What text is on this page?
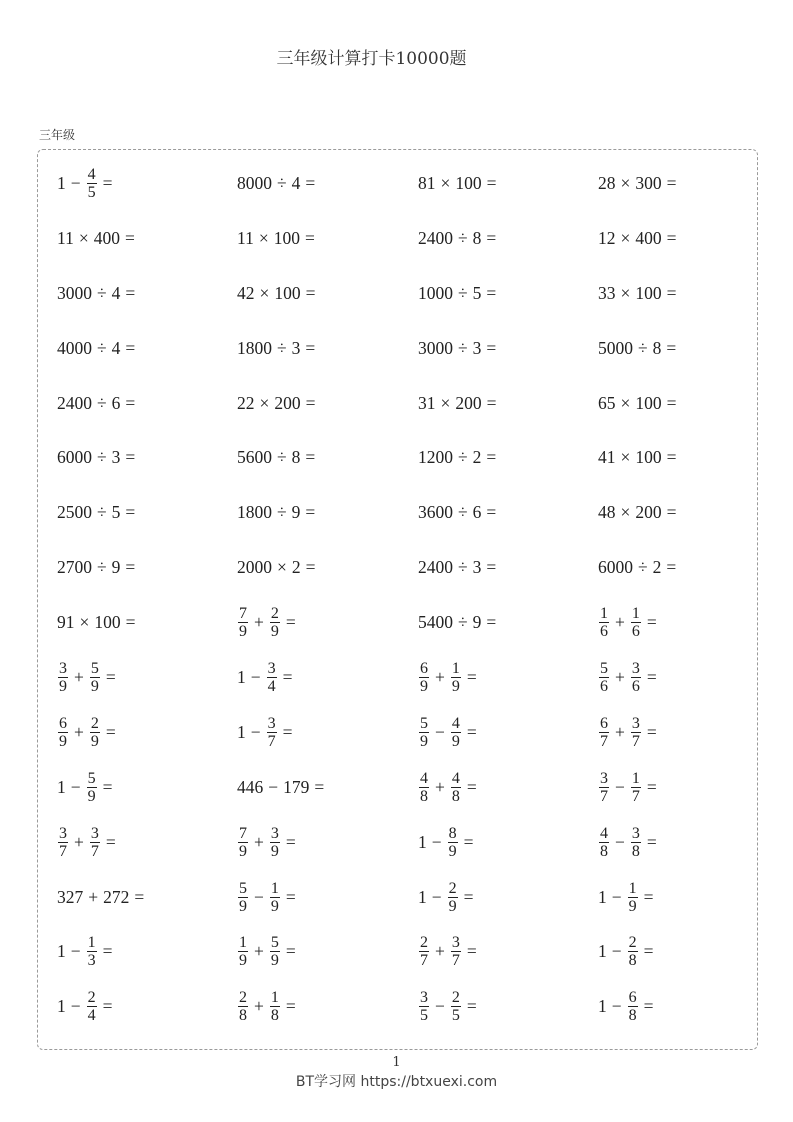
三年级计算打卡10000题
三年级
$1 - \frac{4}{5}$ =	8000 ÷ 4 =	81 × 100 =	28 × 300 =
11 × 400 =	11 × 100 =	2400 ÷ 8 =	12 × 400 =
3000 ÷ 4 =	42 × 100 =	1000 ÷ 5 =	33 × 100 =
4000 ÷ 4 =	1800 ÷ 3 =	3000 ÷ 3 =	5000 ÷ 8 =
2400 ÷ 6 =	22 × 200 =	31 × 200 =	65 × 100 =
6000 ÷ 3 =	5600 ÷ 8 =	1200 ÷ 2 =	41 × 100 =
2500 ÷ 5 =	1800 ÷ 9 =	3600 ÷ 6 =	48 × 200 =
2700 ÷ 9 =	2000 × 2 =	2400 ÷ 3 =	6000 ÷ 2 =
91 × 100 =	$\frac{7}{9} + \frac{2}{9}$ =	5400 ÷ 9 =	$\frac{1}{6} + \frac{1}{6}$ =
$\frac{3}{9} + \frac{5}{9}$ =	$1 - \frac{3}{4}$ =	$\frac{6}{9} + \frac{1}{9}$ =	$\frac{5}{6} + \frac{3}{6}$ =
$\frac{6}{9} + \frac{2}{9}$ =	$1 - \frac{3}{7}$ =	$\frac{5}{9} - \frac{4}{9}$ =	$\frac{6}{7} + \frac{3}{7}$ =
$1 - \frac{5}{9}$ =	446 − 179 =	$\frac{4}{8} + \frac{4}{8}$ =	$\frac{3}{7} - \frac{1}{7}$ =
$\frac{3}{7} + \frac{3}{7}$ =	$\frac{7}{9} + \frac{3}{9}$ =	$1 - \frac{8}{9}$ =	$\frac{4}{8} - \frac{3}{8}$ =
327 + 272 =	$\frac{5}{9} - \frac{1}{9}$ =	$1 - \frac{2}{9}$ =	$1 - \frac{1}{9}$ =
$1 - \frac{1}{3}$ =	$\frac{1}{9} + \frac{5}{9}$ =	$\frac{2}{7} + \frac{3}{7}$ =	$1 - \frac{2}{8}$ =
$1 - \frac{2}{4}$ =	$\frac{2}{8} + \frac{1}{8}$ =	$\frac{3}{5} - \frac{2}{5}$ =	$1 - \frac{6}{8}$ =
1
BT学习网 https://btxuexi.com
